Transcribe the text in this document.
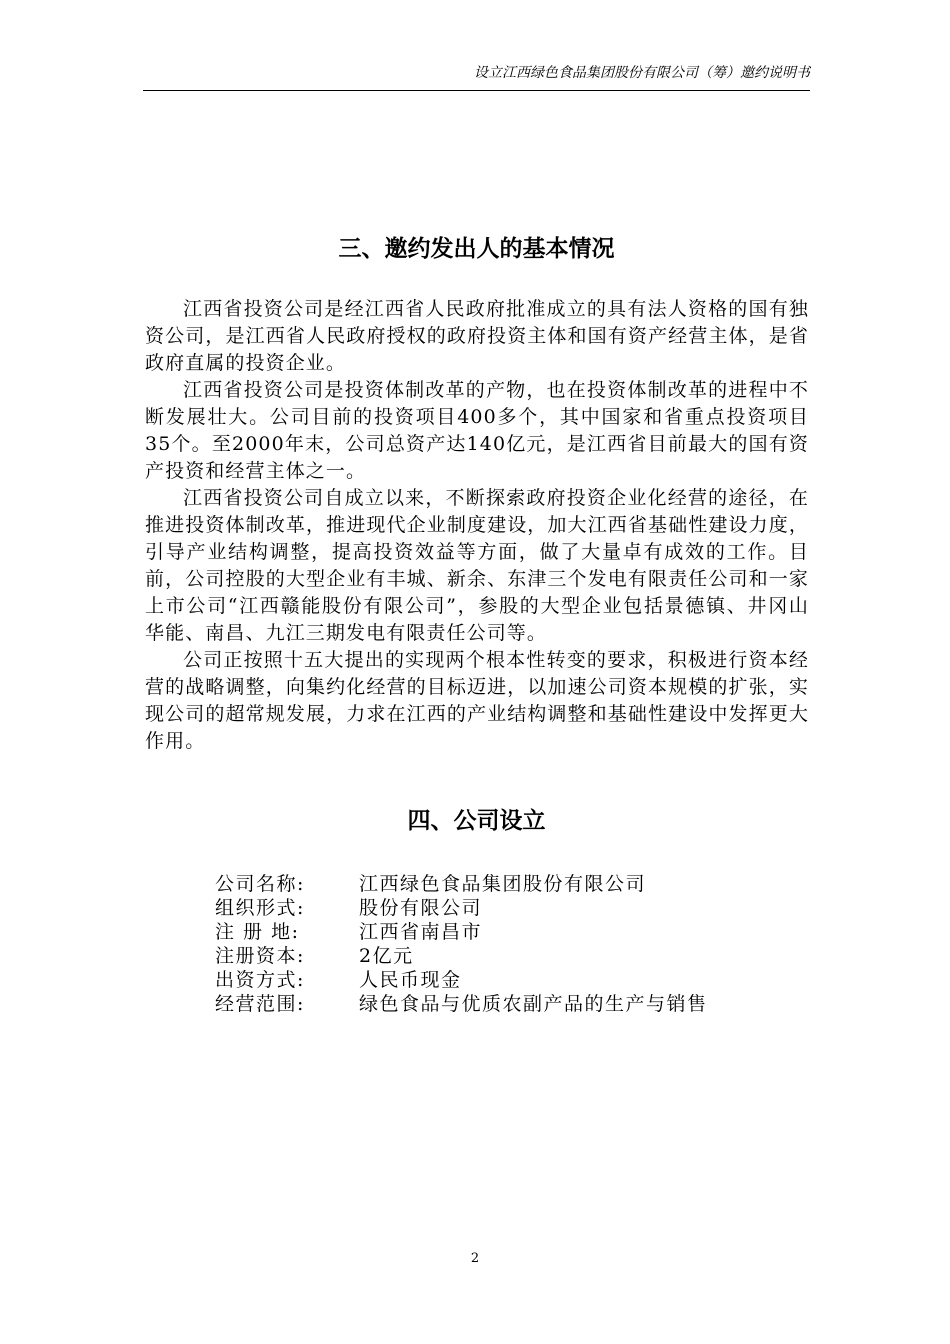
设立江西绿色食品集团股份有限公司（筹）邀约说明书
三、邀约发出人的基本情况

江西省投资公司是经江西省人民政府批准成立的具有法人资格的国有独资公司，是江西省人民政府授权的政府投资主体和国有资产经营主体，是省政府直属的投资企业。

江西省投资公司是投资体制改革的产物，也在投资体制改革的进程中不断发展壮大。公司目前的投资项目400多个，其中国家和省重点投资项目35个。至2000年末，公司总资产达140亿元，是江西省目前最大的国有资产投资和经营主体之一。

江西省投资公司自成立以来，不断探索政府投资企业化经营的途径，在推进投资体制改革，推进现代企业制度建设，加大江西省基础性建设力度，引导产业结构调整，提高投资效益等方面，做了大量卓有成效的工作。目前，公司控股的大型企业有丰城、新余、东津三个发电有限责任公司和一家上市公司“江西赣能股份有限公司”，参股的大型企业包括景德镇、井冈山华能、南昌、九江三期发电有限责任公司等。

公司正按照十五大提出的实现两个根本性转变的要求，积极进行资本经营的战略调整，向集约化经营的目标迈进，以加速公司资本规模的扩张，实现公司的超常规发展，力求在江西的产业结构调整和基础性建设中发挥更大作用。

四、公司设立
公司名称:	江西绿色食品集团股份有限公司
组织形式:	股份有限公司
注 册 地:	江西省南昌市
注册资本:	2亿元
出资方式:	人民币现金
经营范围:	绿色食品与优质农副产品的生产与销售
2
